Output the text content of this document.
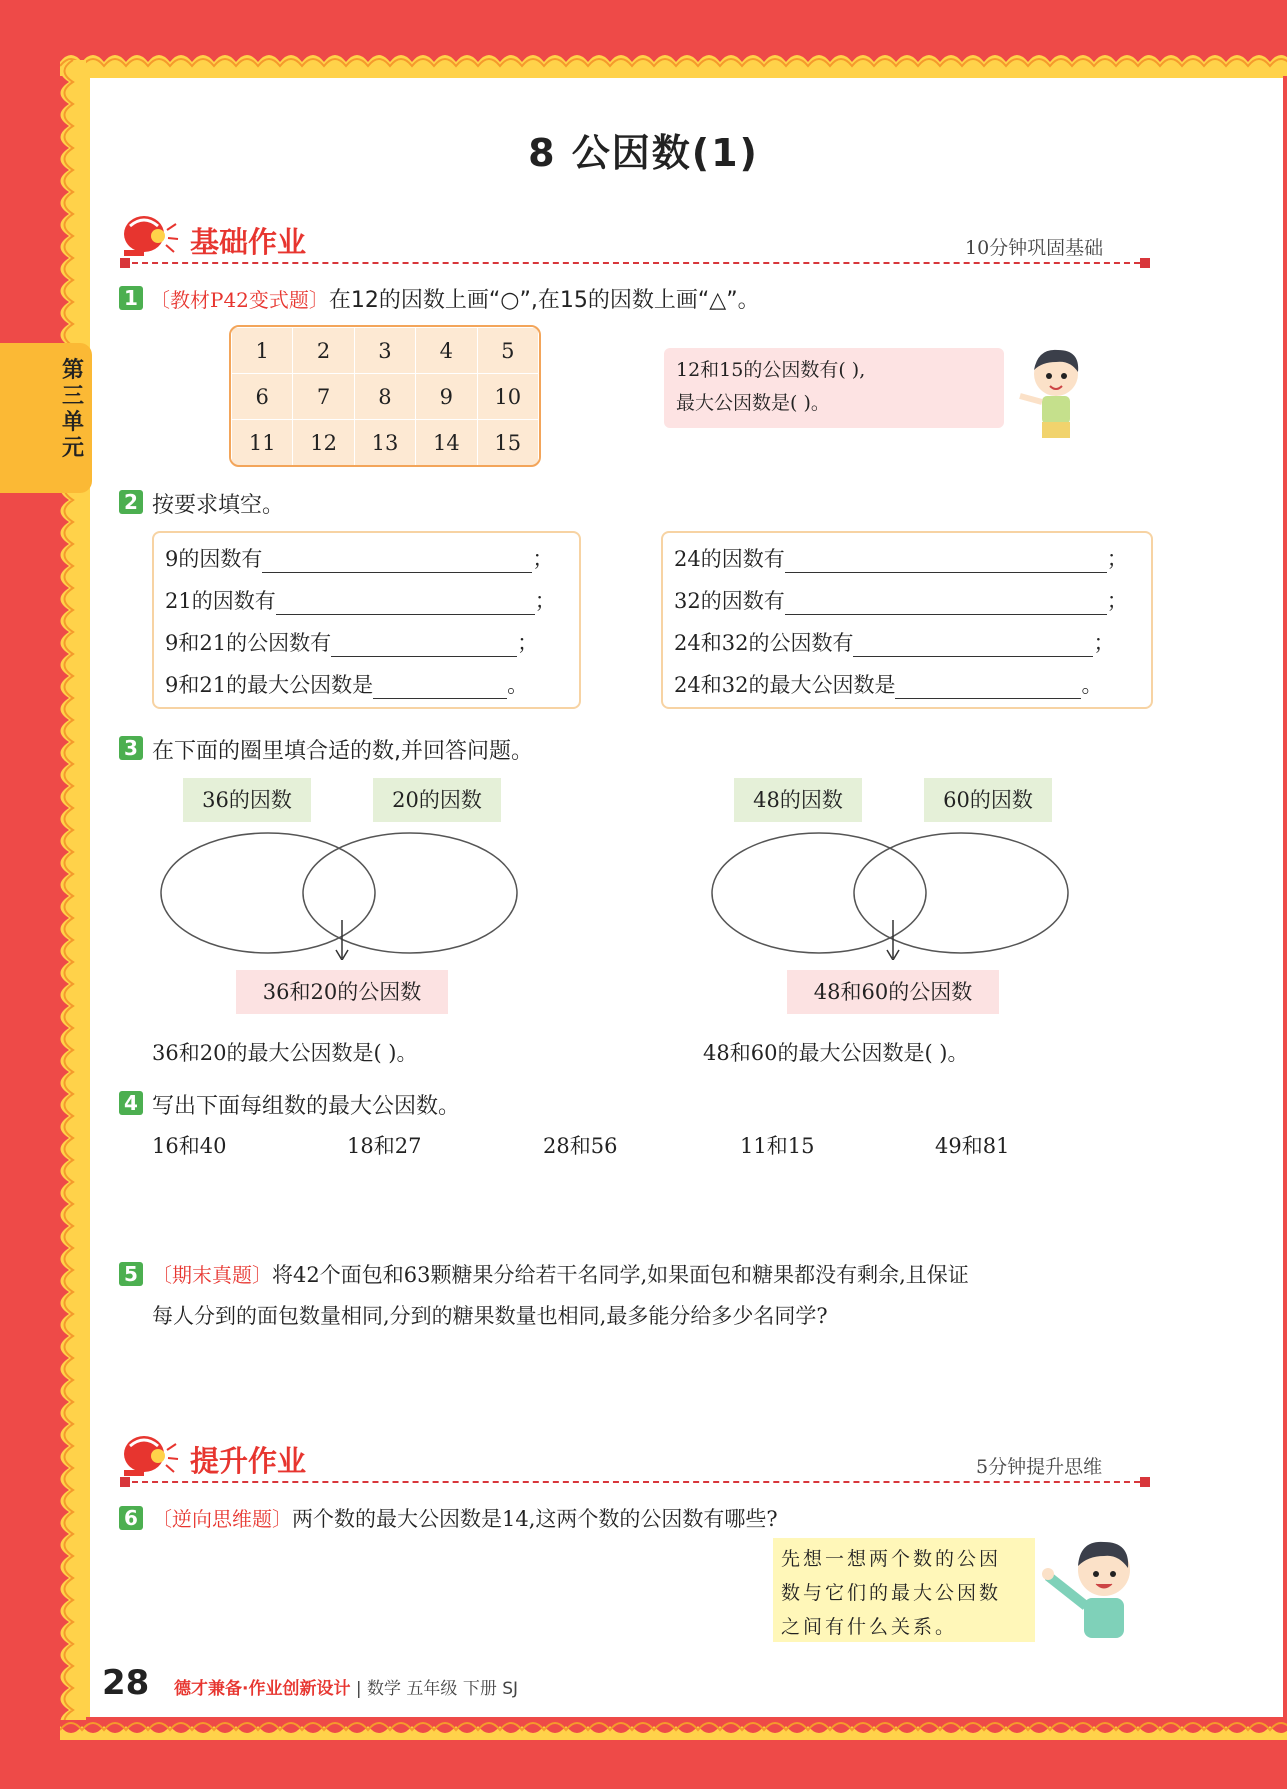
第三单元
8 公因数(1)
基础作业	10分钟巩固基础
1 〔教材P42变式题〕在12的因数上画“○”,在15的因数上画“△”。
1	2	3	4	5
6	7	8	9	10
11	12	13	14	15
12和15的公因数有( ),
最大公因数是( )。
2 按要求填空。
9的因数有	；
21的因数有	；
9和21的公因数有	；
9和21的最大公因数是	。
24的因数有	；
32的因数有	；
24和32的公因数有	；
24和32的最大公因数是	。
3 在下面的圈里填合适的数,并回答问题。
36的因数	20的因数
36和20的公因数
36和20的最大公因数是( )。
48的因数	60的因数
48和60的公因数
48和60的最大公因数是( )。
4 写出下面每组数的最大公因数。
16和40	18和27	28和56	11和15	49和81
5 〔期末真题〕将42个面包和63颗糖果分给若干名同学,如果面包和糖果都没有剩余,且保证
每人分到的面包数量相同,分到的糖果数量也相同,最多能分给多少名同学?
提升作业	5分钟提升思维
6 〔逆向思维题〕两个数的最大公因数是14,这两个数的公因数有哪些?
先想一想两个数的公因
数与它们的最大公因数
之间有什么关系。
28 德才兼备·作业创新设计 | 数学 五年级 下册 SJ
